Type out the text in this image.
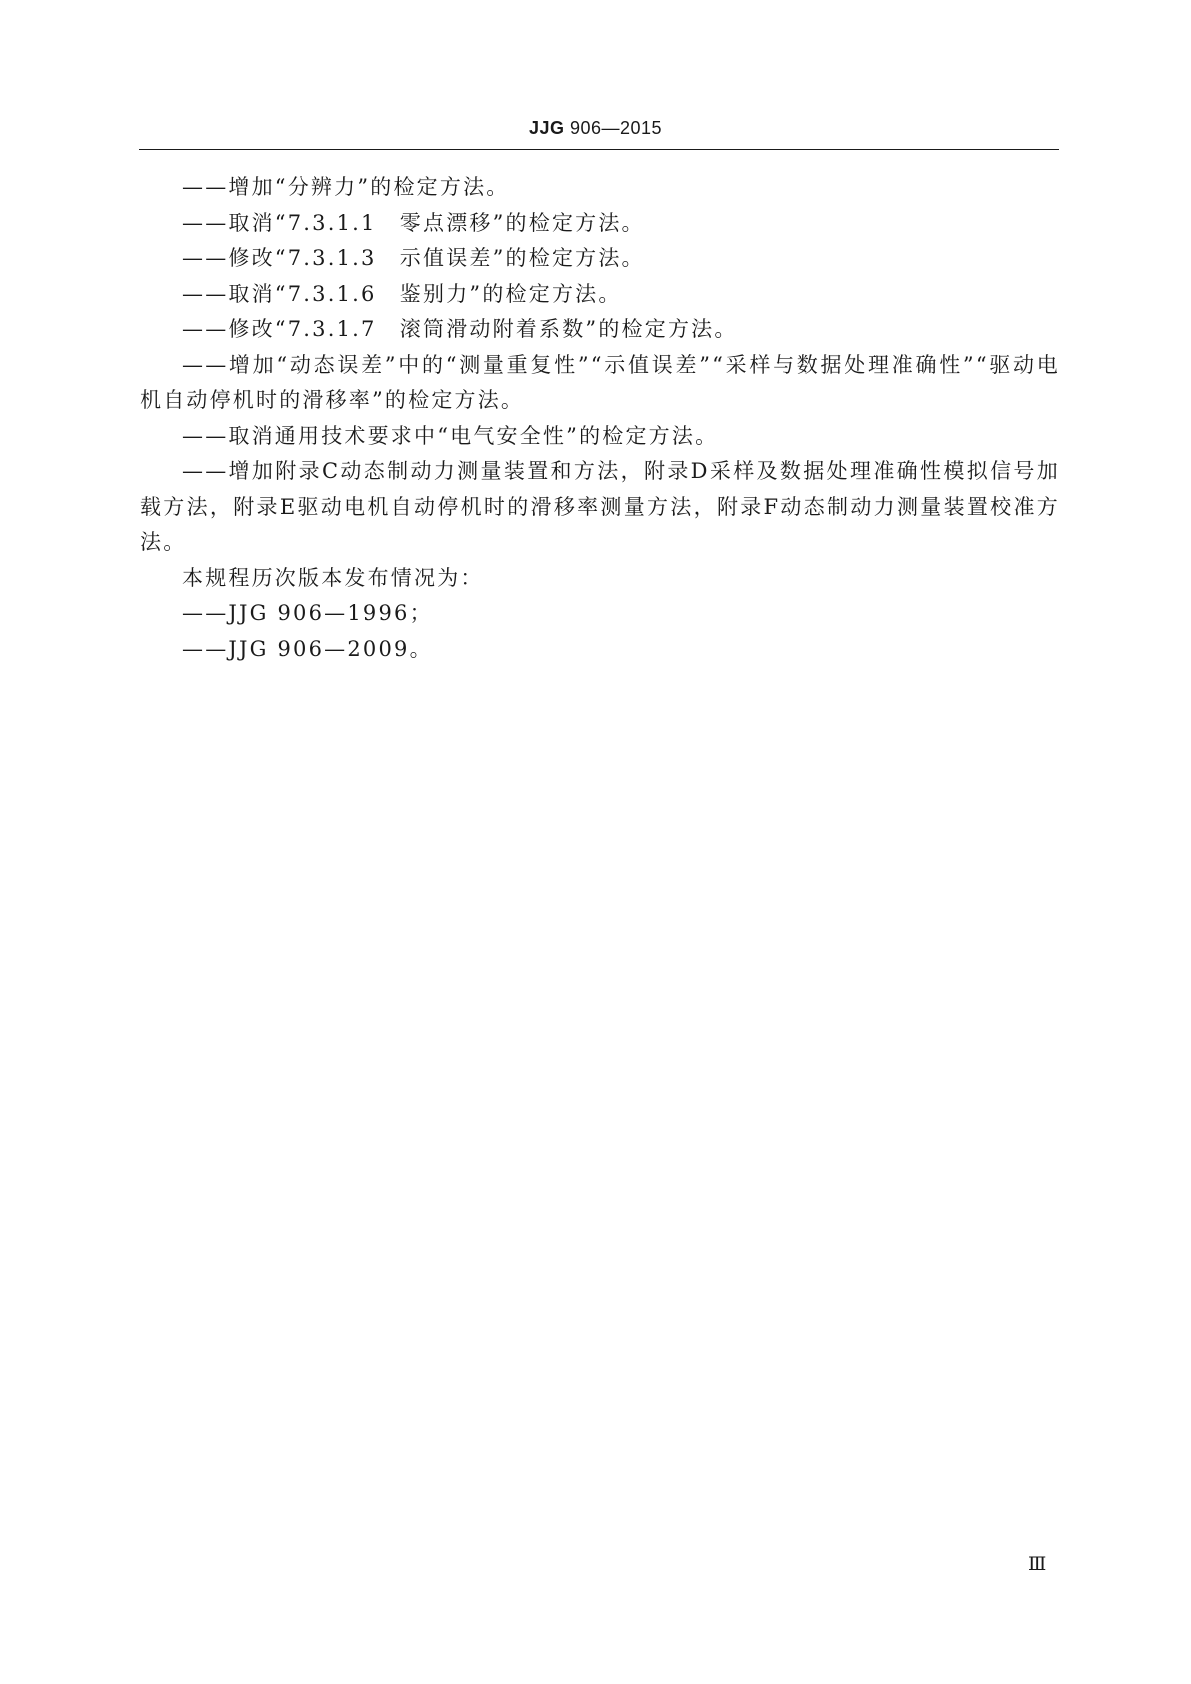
JJG 906—2015

——增加“分辨力”的检定方法。

——取消“7.3.1.1　零点漂移”的检定方法。

——修改“7.3.1.3　示值误差”的检定方法。

——取消“7.3.1.6　鉴别力”的检定方法。

——修改“7.3.1.7　滚筒滑动附着系数”的检定方法。

——增加“动态误差”中的“测量重复性”“示值误差”“采样与数据处理准确性”“驱动电机自动停机时的滑移率”的检定方法。

——取消通用技术要求中“电气安全性”的检定方法。

——增加附录C动态制动力测量装置和方法，附录D采样及数据处理准确性模拟信号加载方法，附录E驱动电机自动停机时的滑移率测量方法，附录F动态制动力测量装置校准方法。

本规程历次版本发布情况为：

——JJG 906—1996；

——JJG 906—2009。

Ⅲ
